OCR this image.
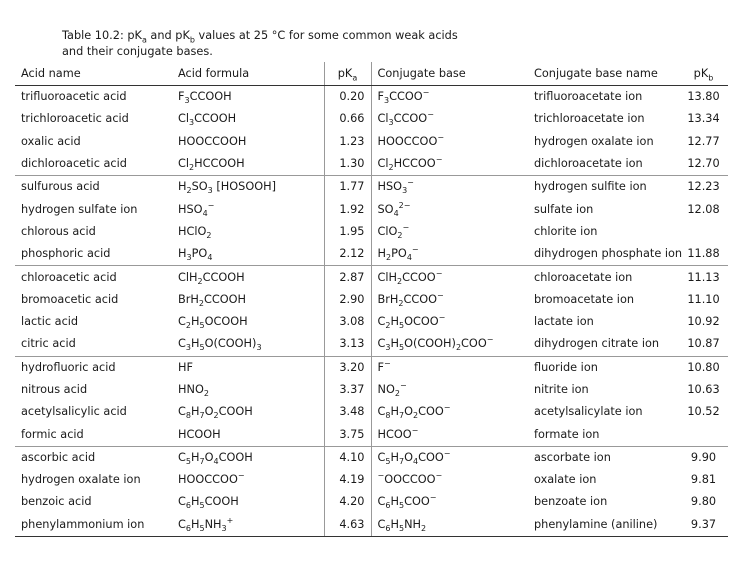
Table 10.2: $pK_a$ and $pK_b$ values at 25 °C for some common weak acids
and their conjugate bases.
Acid name	Acid formula	$pK_a$	Conjugate base	Conjugate base name	$pK_b$
trifluoroacetic acid	$F_3CCOOH$	0.20	$F_3CCOO^-$	trifluoroacetate ion	13.80
trichloroacetic acid	$Cl_3CCOOH$	0.66	$Cl_3CCOO^-$	trichloroacetate ion	13.34
oxalic acid	HOOCCOOH	1.23	HOOCCOO−	hydrogen oxalate ion	12.77
dichloroacetic acid	$Cl_2HCCOOH$	1.30	$Cl_2HCCOO^-$	dichloroacetate ion	12.70
sulfurous acid	$H_2SO_3$ [HOSOOH]	1.77	$HSO_3^-$	hydrogen sulfite ion	12.23
hydrogen sulfate ion	$HSO_4^-$	1.92	$SO_4^{2-}$	sulfate ion	12.08
chlorous acid	HClO$_2$	1.95	ClO$_2$−	chlorite ion	
phosphoric acid	$H_3PO_4$	2.12	$H_2PO_4^-$	dihydrogen phosphate ion	11.88
chloroacetic acid	ClH$_2$CCOOH	2.87	ClH$_2$CCOO−	chloroacetate ion	11.13
bromoacetic acid	BrH$_2$CCOOH	2.90	BrH$_2$CCOO−	bromoacetate ion	11.10
lactic acid	$C_2H_5OCOOH$	3.08	$C_2H_5OCOO^-$	lactate ion	10.92
citric acid	$C_3H_5O(COOH)_3$	3.13	$C_3H_5O(COOH)_2COO^-$	dihydrogen citrate ion	10.87
hydrofluoric acid	HF	3.20	F−	fluoride ion	10.80
nitrous acid	$HNO_2$	3.37	$NO_2^-$	nitrite ion	10.63
acetylsalicylic acid	$C_8H_7O_2COOH$	3.48	$C_8H_7O_2COO^-$	acetylsalicylate ion	10.52
formic acid	HCOOH	3.75	HCOO−	formate ion	
ascorbic acid	$C_5H_7O_4COOH$	4.10	$C_5H_7O_4COO^-$	ascorbate ion	9.90
hydrogen oxalate ion	HOOCCOO−	4.19	−OOCCOO−	oxalate ion	9.81
benzoic acid	$C_6H_5COOH$	4.20	$C_6H_5COO^-$	benzoate ion	9.80
phenylammonium ion	$C_6H_5NH_3^+$	4.63	$C_6H_5NH_2$	phenylamine (aniline)	9.37
